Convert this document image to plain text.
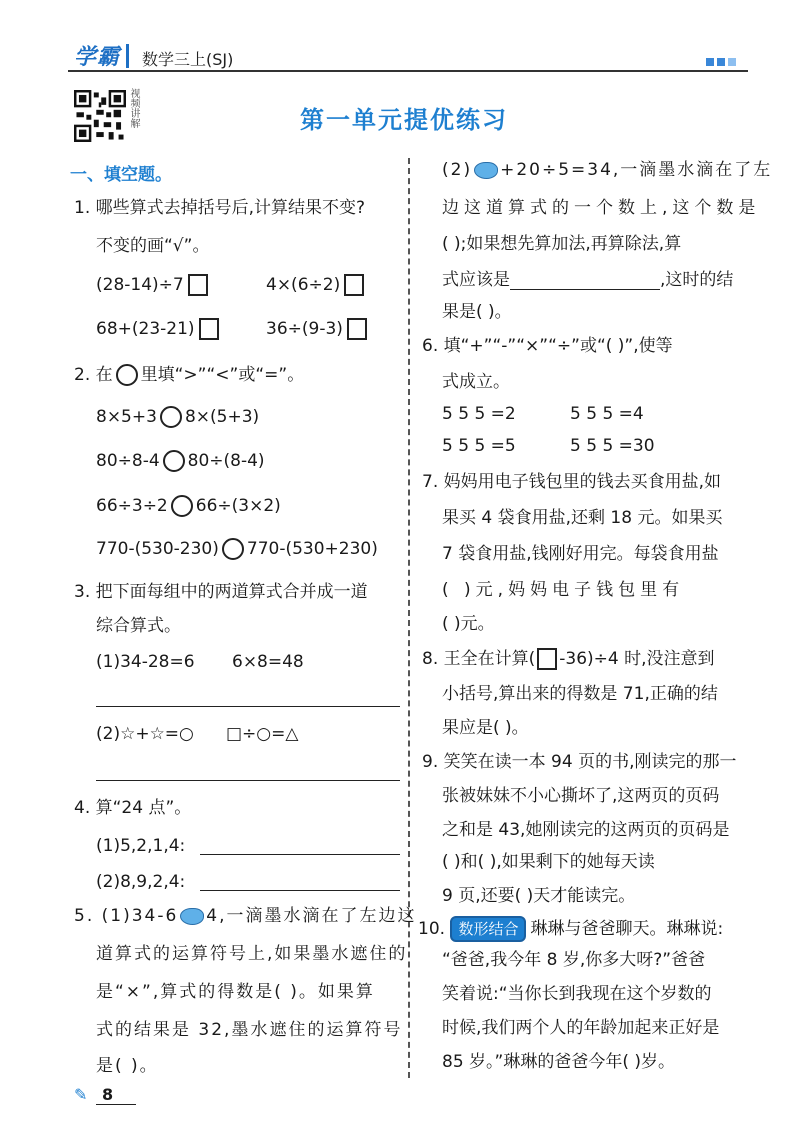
学霸 数学三上(SJ)
视频讲解	第一单元提优练习
一、填空题。
1. 哪些算式去掉括号后,计算结果不变?
不变的画“√”。
(28-14)÷7	4×(6÷2)
68+(23-21)	36÷(9-3)
2. 在 里填“>”“<”或“=”。
8×5+3 8×(5+3)
80÷8-4 80÷(8-4)
66÷3÷2 66÷(3×2)
770-(530-230) 770-(530+230)
3. 把下面每组中的两道算式合并成一道
综合算式。
(1)34-28=6 6×8=48
(2)☆+☆=○ □÷○=△
4. 算“24 点”。
(1)5,2,1,4:
(2)8,9,2,4:
5. (1)34-6 4,一滴墨水滴在了左边这
道算式的运算符号上,如果墨水遮住的
是“×”,算式的得数是( )。如果算
式的结果是 32,墨水遮住的运算符号
是( )。
(2) +20÷5=34,一滴墨水滴在了左
边这道算式的一个数上,这个数是
( );如果想先算加法,再算除法,算
式应该是	,这时的结
果是( )。
6. 填“+”“-”“×”“÷”或“( )”,使等
式成立。
5 5 5 =2	5 5 5 =4
5 5 5 =5	5 5 5 =30
7. 妈妈用电子钱包里的钱去买食用盐,如
果买 4 袋食用盐,还剩 18 元。如果买
7 袋食用盐,钱刚好用完。每袋食用盐
( )元,妈妈电子钱包里有
( )元。
8. 王全在计算( -36)÷4 时,没注意到
小括号,算出来的得数是 71,正确的结
果应是( )。
9. 笑笑在读一本 94 页的书,刚读完的那一
张被妹妹不小心撕坏了,这两页的页码
之和是 43,她刚读完的这两页的页码是
( )和( ),如果剩下的她每天读
9 页,还要( )天才能读完。
10. 数形结合 琳琳与爸爸聊天。琳琳说:
“爸爸,我今年 8 岁,你多大呀?”爸爸
笑着说:“当你长到我现在这个岁数的
时候,我们两个人的年龄加起来正好是
85 岁。”琳琳的爸爸今年( )岁。
✎ 8
